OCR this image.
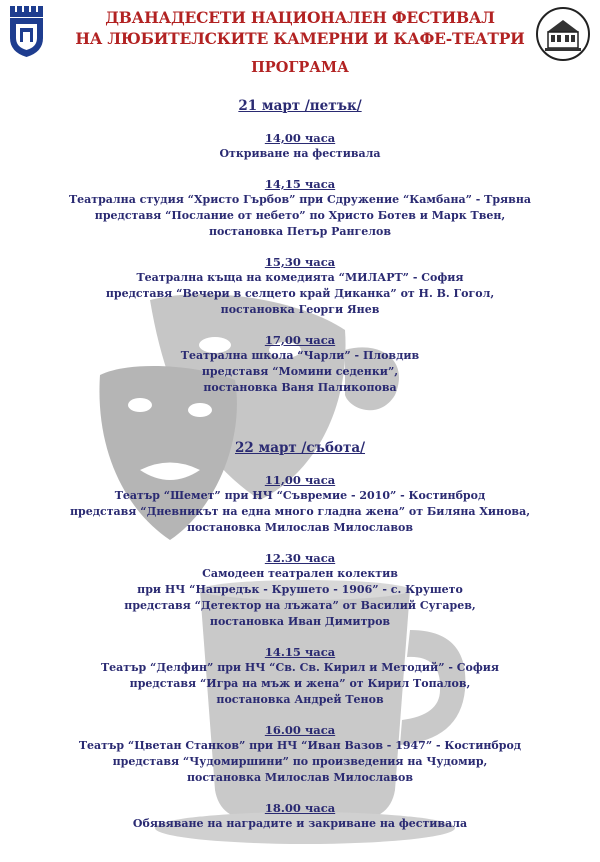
ДВАНАДЕСЕТИ НАЦИОНАЛЕН ФЕСТИВАЛ
НА ЛЮБИТЕЛСКИТЕ КАМЕРНИ И КАФЕ-ТЕАТРИ
ПРОГРАМА
21 март /петък/
14,00 часа
Откриване на фестивала
14,15 часа
Театрална студия “Христо Гърбов” при Сдружение “Камбана” - Трявна
представя “Послание от небето” по Христо Ботев и Марк Твен,
постановка Петър Рангелов
15,30 часа
Театрална къща на комедията “МИЛАРТ” - София
представя “Вечери в селцето край Диканка” от Н. В. Гогол,
постановка Георги Янев
17,00 часа
Театрална школа “Чарли” - Пловдив
представя “Момини седенки”,
постановка Ваня Паликопова
22 март /събота/
11,00 часа
Театър “Шемет” при НЧ “Съвремие - 2010” - Костинброд
представя “Дневникът на една много гладна жена” от Биляна Хинова,
постановка Милослав Милославов
12.30 часа
Самодеен театрален колектив
при НЧ “Напредък - Крушето - 1906” - с. Крушето
представя “Детектор на лъжата” от Василий Сугарев,
постановка Иван Димитров
14.15 часа
Театър “Делфин” при НЧ “Св. Св. Кирил и Методий” - София
представя “Игра на мъж и жена” от Кирил Топалов,
постановка Андрей Тенов
16.00 часа
Театър “Цветан Станков” при НЧ “Иван Вазов - 1947” - Костинброд
представя “Чудомиршини” по произведения на Чудомир,
постановка Милослав Милославов
18.00 часа
Обявяване на наградите и закриване на фестивала
